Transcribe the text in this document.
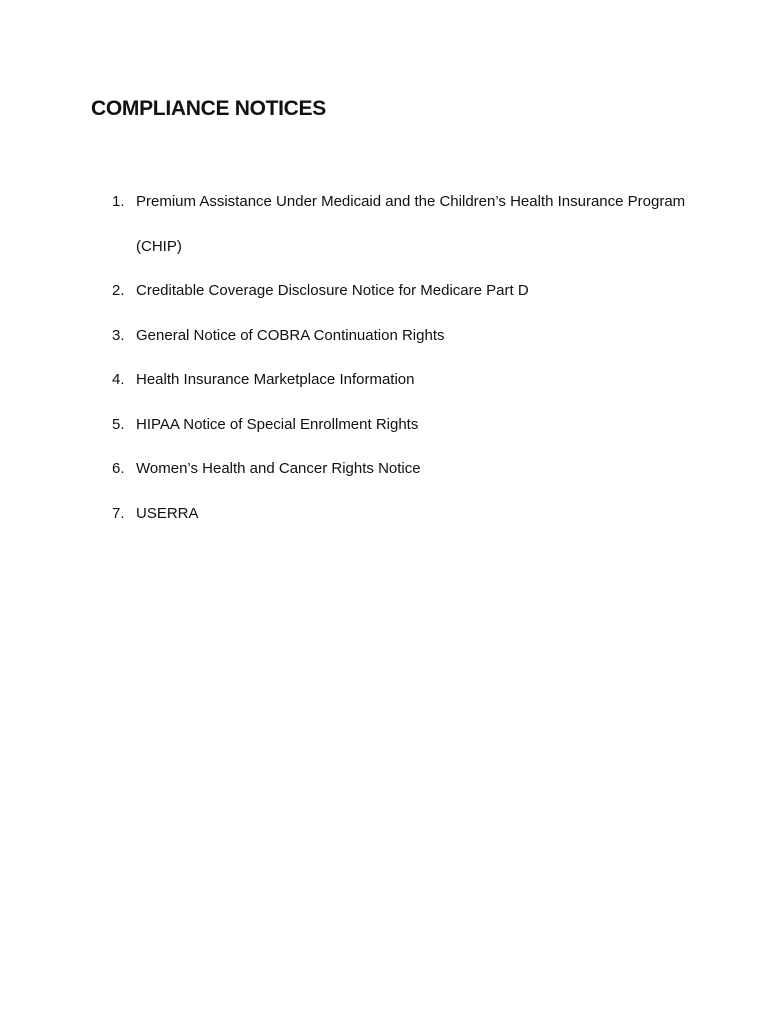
COMPLIANCE NOTICES
1. Premium Assistance Under Medicaid and the Children’s Health Insurance Program (CHIP)
2. Creditable Coverage Disclosure Notice for Medicare Part D
3. General Notice of COBRA Continuation Rights
4. Health Insurance Marketplace Information
5. HIPAA Notice of Special Enrollment Rights
6. Women’s Health and Cancer Rights Notice
7. USERRA
